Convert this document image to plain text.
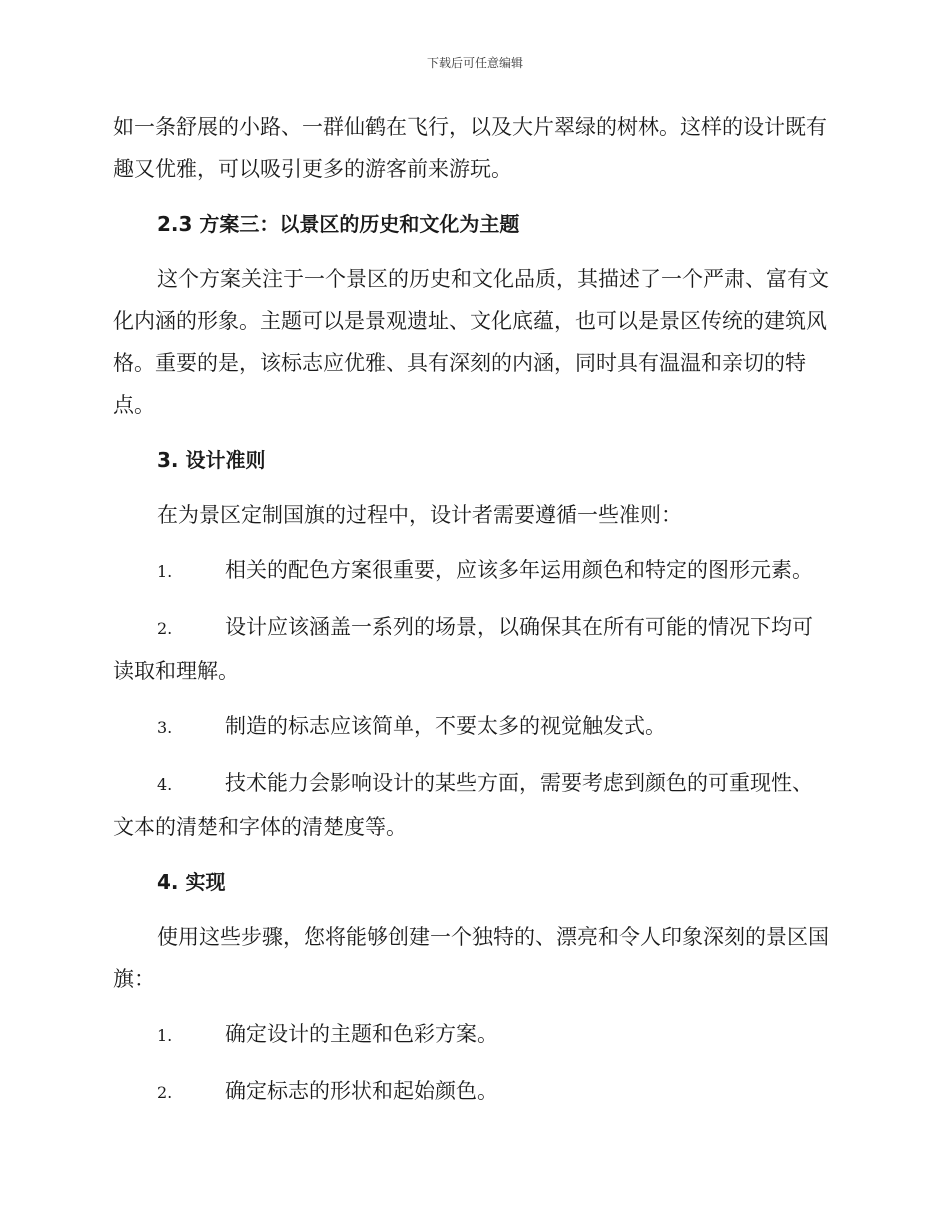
下载后可任意编辑

如一条舒展的小路、一群仙鹤在飞行，以及大片翠绿的树林。这样的设计既有趣又优雅，可以吸引更多的游客前来游玩。

2.3 方案三：以景区的历史和文化为主题

这个方案关注于一个景区的历史和文化品质，其描述了一个严肃、富有文化内涵的形象。主题可以是景观遗址、文化底蕴，也可以是景区传统的建筑风格。重要的是，该标志应优雅、具有深刻的内涵，同时具有温温和亲切的特点。

3. 设计准则

在为景区定制国旗的过程中，设计者需要遵循一些准则：

1.	相关的配色方案很重要，应该多年运用颜色和特定的图形元素。

2.	设计应该涵盖一系列的场景，以确保其在所有可能的情况下均可读取和理解。

3.	制造的标志应该简单，不要太多的视觉触发式。

4.	技术能力会影响设计的某些方面，需要考虑到颜色的可重现性、文本的清楚和字体的清楚度等。

4. 实现

使用这些步骤，您将能够创建一个独特的、漂亮和令人印象深刻的景区国旗：

1.	确定设计的主题和色彩方案。

2.	确定标志的形状和起始颜色。
